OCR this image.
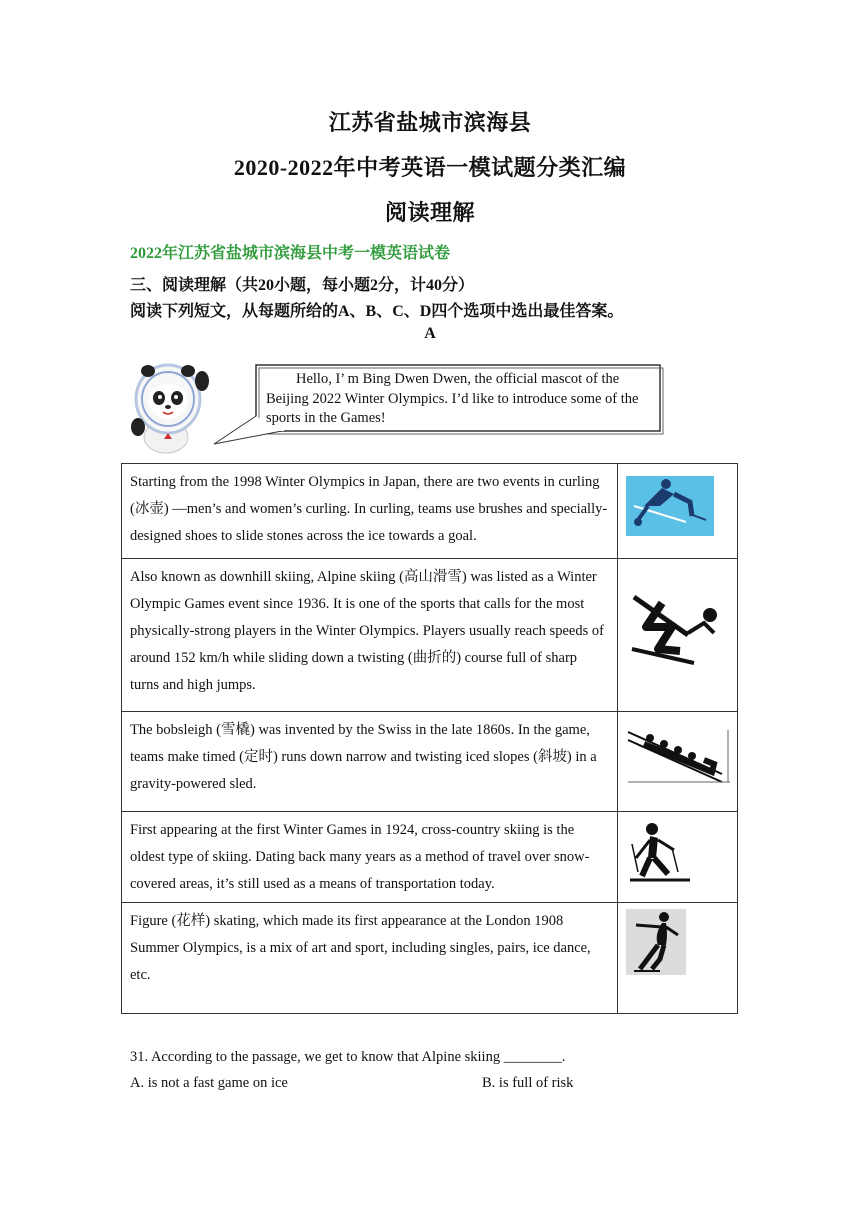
江苏省盐城市滨海县
2020-2022年中考英语一模试题分类汇编
阅读理解
2022年江苏省盐城市滨海县中考一模英语试卷
三、阅读理解（共20小题，每小题2分，计40分）
阅读下列短文，从每题所给的A、B、C、D四个选项中选出最佳答案。
A
Hello, I’ m Bing Dwen Dwen, the official mascot of the Beijing 2022 Winter Olympics. I’d like to introduce some of the sports in the Games!
Starting from the 1998 Winter Olympics in Japan, there are two events in curling (冰壶) —men’s and women’s curling. In curling, teams use brushes and specially-designed shoes to slide stones across the ice towards a goal.	

Also known as downhill skiing, Alpine skiing (高山滑雪) was listed as a Winter Olympic Games event since 1936. It is one of the sports that calls for the most physically-strong players in the Winter Olympics. Players usually reach speeds of around 152 km/h while sliding down a twisting (曲折的) course full of sharp turns and high jumps.	

The bobsleigh (雪橇) was invented by the Swiss in the late 1860s. In the game, teams make timed (定时) runs down narrow and twisting iced slopes (斜坡) in a gravity-powered sled.	

First appearing at the first Winter Games in 1924, cross-country skiing is the oldest type of skiing. Dating back many years as a method of travel over snow-covered areas, it’s still used as a means of transportation today.	

Figure (花样) skating, which made its first appearance at the London 1908 Summer Olympics, is a mix of art and sport, including singles, pairs, ice dance, etc.	
31. According to the passage, we get to know that Alpine skiing ________.
A. is not a fast game on ice	B. is full of risk
